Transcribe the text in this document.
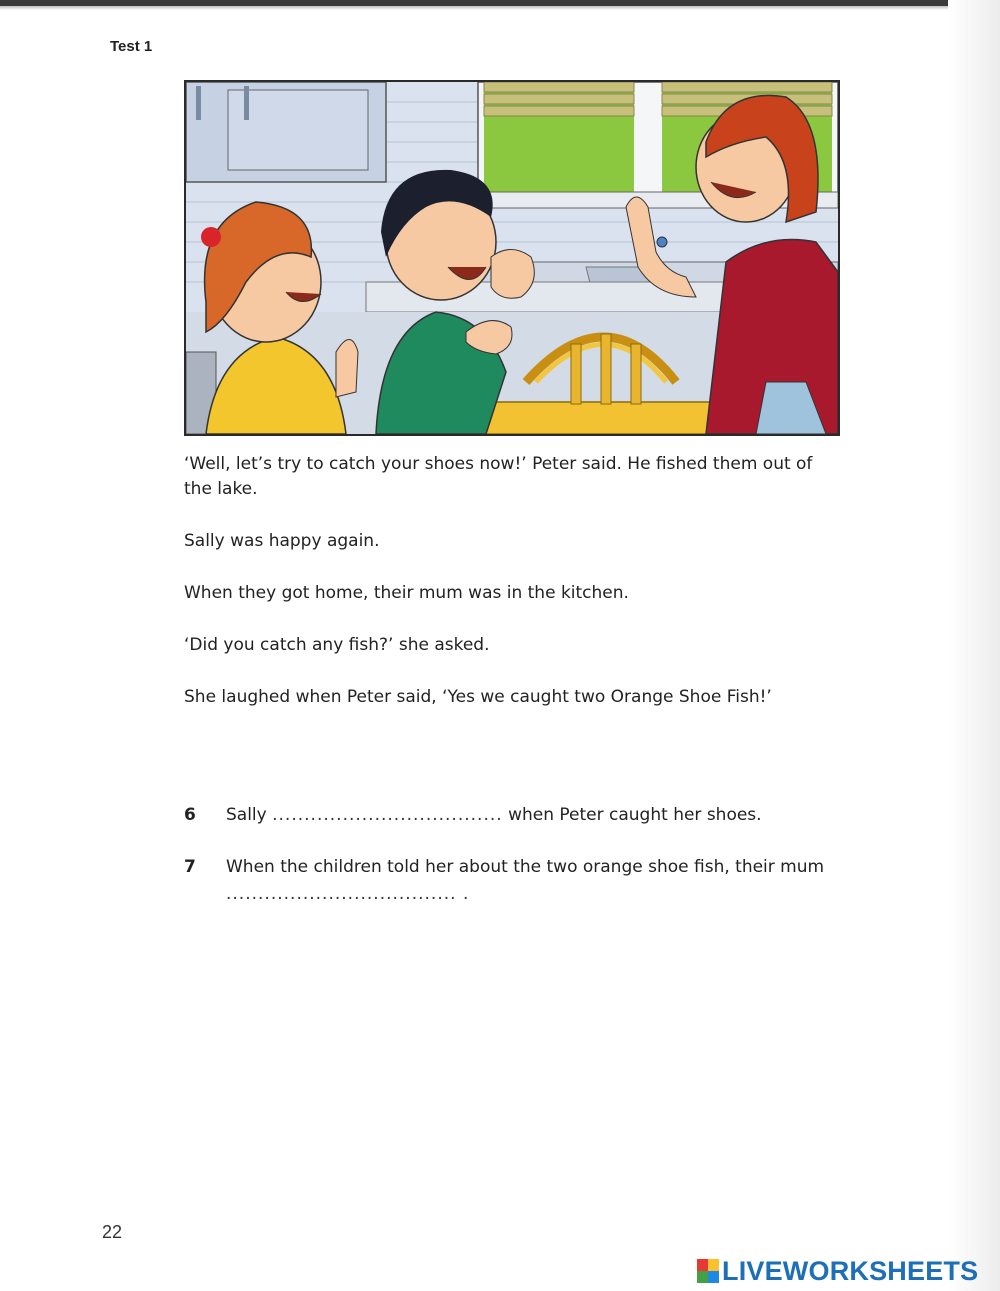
Test 1

‘Well, let’s try to catch your shoes now!’ Peter said. He fished them out of the lake.

Sally was happy again.

When they got home, their mum was in the kitchen.

‘Did you catch any fish?’ she asked.

She laughed when Peter said, ‘Yes we caught two Orange Shoe Fish!’

6 Sally .................................... when Peter caught her shoes.
7 When the children told her about the two orange shoe fish, their mum
.................................... .
22
LIVEWORKSHEETS
